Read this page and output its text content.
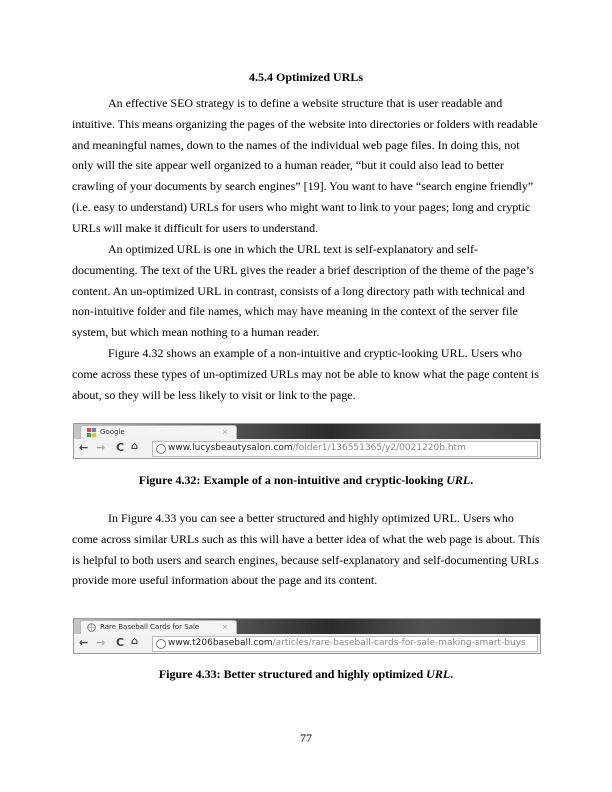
4.5.4 Optimized URLs
An effective SEO strategy is to define a website structure that is user readable and intuitive. This means organizing the pages of the website into directories or folders with readable and meaningful names, down to the names of the individual web page files. In doing this, not only will the site appear well organized to a human reader, “but it could also lead to better crawling of your documents by search engines” [19]. You want to have “search engine friendly” (i.e. easy to understand) URLs for users who might want to link to your pages; long and cryptic URLs will make it difficult for users to understand.
An optimized URL is one in which the URL text is self-explanatory and self-documenting. The text of the URL gives the reader a brief description of the theme of the page’s content. An un-optimized URL in contrast, consists of a long directory path with technical and non-intuitive folder and file names, which may have meaning in the context of the server file system, but which mean nothing to a human reader.
Figure 4.32 shows an example of a non-intuitive and cryptic-looking URL. Users who come across these types of un-optimized URLs may not be able to know what the page content is about, so they will be less likely to visit or link to the page.
Google	×
← → C ⌂	www.lucysbeautysalon.com/folder1/136551365/y2/0021220b.htm
Figure 4.32: Example of a non-intuitive and cryptic-looking URL.
In Figure 4.33 you can see a better structured and highly optimized URL. Users who come across similar URLs such as this will have a better idea of what the web page is about. This is helpful to both users and search engines, because self-explanatory and self-documenting URLs provide more useful information about the page and its content.
Rare Baseball Cards for Sale	×
← → C ⌂	www.t206baseball.com/articles/rare-baseball-cards-for-sale-making-smart-buys
Figure 4.33: Better structured and highly optimized URL.
77
